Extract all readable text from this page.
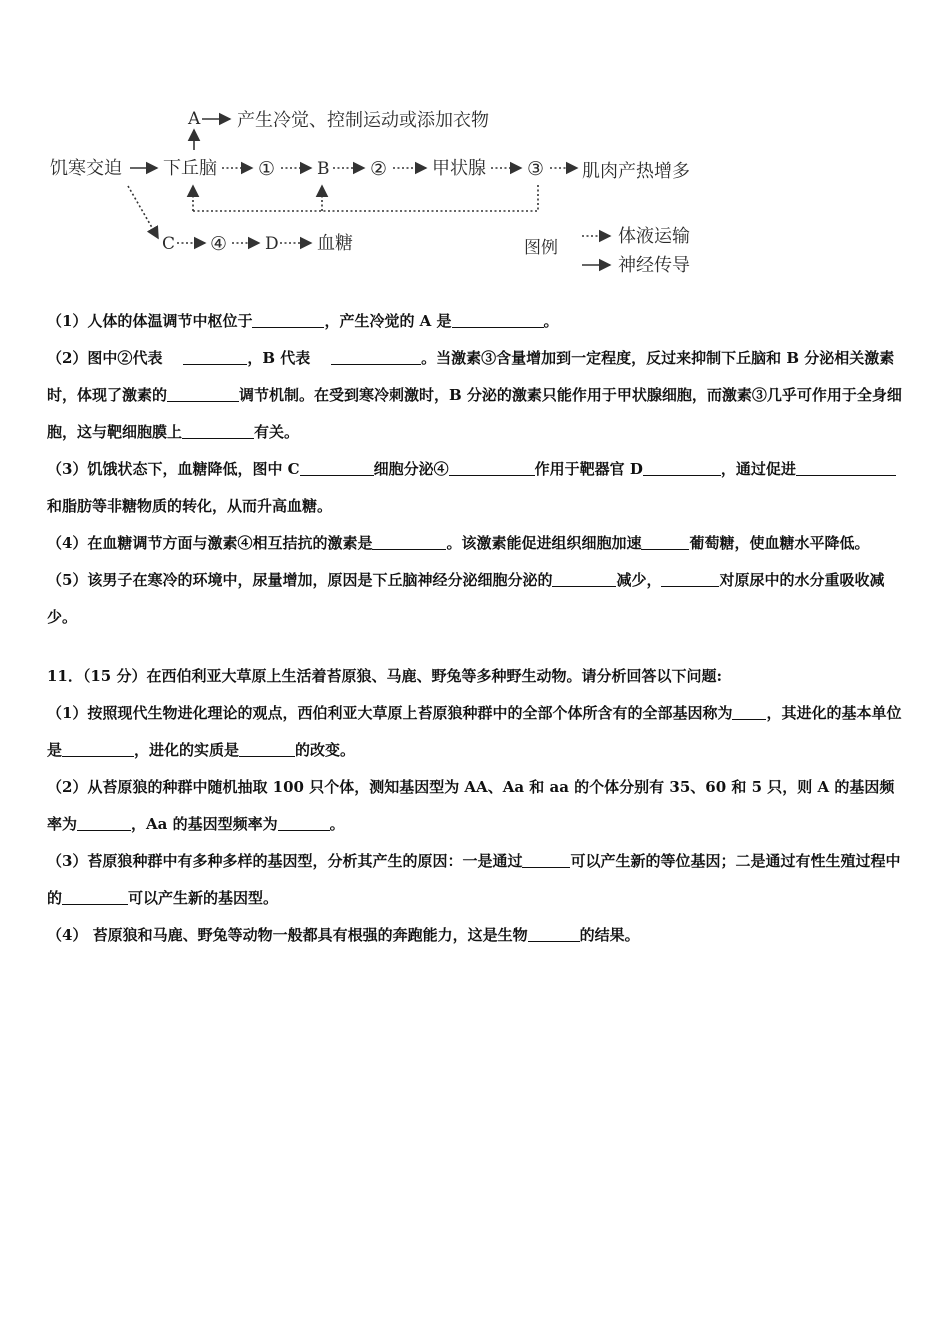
A 产生冷觉、控制运动或添加衣物
饥寒交迫 下丘脑 ① B ② 甲状腺 ③ 肌肉产热增多
C ④ D 血糖	图例
体液运输
神经传导

（1）人体的体温调节中枢位于	，产生冷觉的 A 是	。

（2）图中②代表	，B 代表	。当激素③含量增加到一定程度，反过来抑制下丘脑和 B 分泌相关激素时，体现了激素的	调节机制。在受到寒冷刺激时，B 分泌的激素只能作用于甲状腺细胞，而激素③几乎可作用于全身细胞，这与靶细胞膜上	有关。

（3）饥饿状态下，血糖降低，图中 C	细胞分泌④	作用于靶器官 D	，通过促进和脂肪等非糖物质的转化，从而升高血糖。

（4）在血糖调节方面与激素④相互拮抗的激素是	。该激素能促进组织细胞加速	葡萄糖，使血糖水平降低。

（5）该男子在寒冷的环境中，尿量增加，原因是下丘脑神经分泌细胞分泌的	减少，	对原尿中的水分重吸收减少。

11．（15 分）在西伯利亚大草原上生活着苔原狼、马鹿、野兔等多种野生动物。请分析回答以下问题:

（1）按照现代生物进化理论的观点，西伯利亚大草原上苔原狼种群中的全部个体所含有的全部基因称为 ，其进化的基本单位是	，进化的实质是	的改变。

（2）从苔原狼的种群中随机抽取 100 只个体，测知基因型为 AA、Aa 和 aa 的个体分别有 35、60 和 5 只，则 A 的基因频率为	，Aa 的基因型频率为	。

（3）苔原狼种群中有多种多样的基因型，分析其产生的原因：一是通过	可以产生新的等位基因；二是通过有性生殖过程中的	可以产生新的基因型。

（4） 苔原狼和马鹿、野兔等动物一般都具有根强的奔跑能力，这是生物	的结果。
